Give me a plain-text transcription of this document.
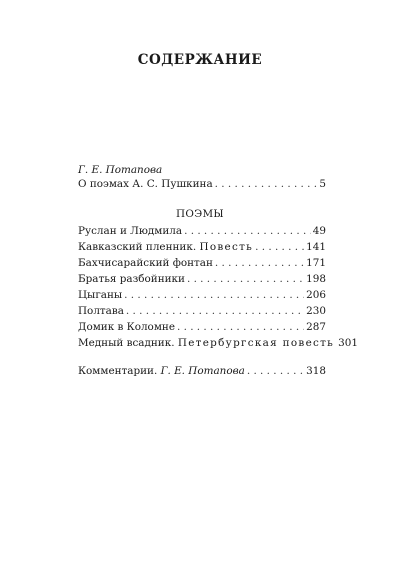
СОДЕРЖАНИЕ
Г. Е. Потапова
О поэмах А. С. Пушкина . . .	5
ПОЭМЫ
Руслан и Людмила . . .	49
Кавказский пленник. Повесть . . .	141
Бахчисарайский фонтан . . .	171
Братья разбойники . . .	198
Цыганы . . .	206
Полтава . . .	230
Домик в Коломне . . .	287
Медный всадник. Петербургская повесть 301
Комментарии. Г. Е. Потапова . . .	318
